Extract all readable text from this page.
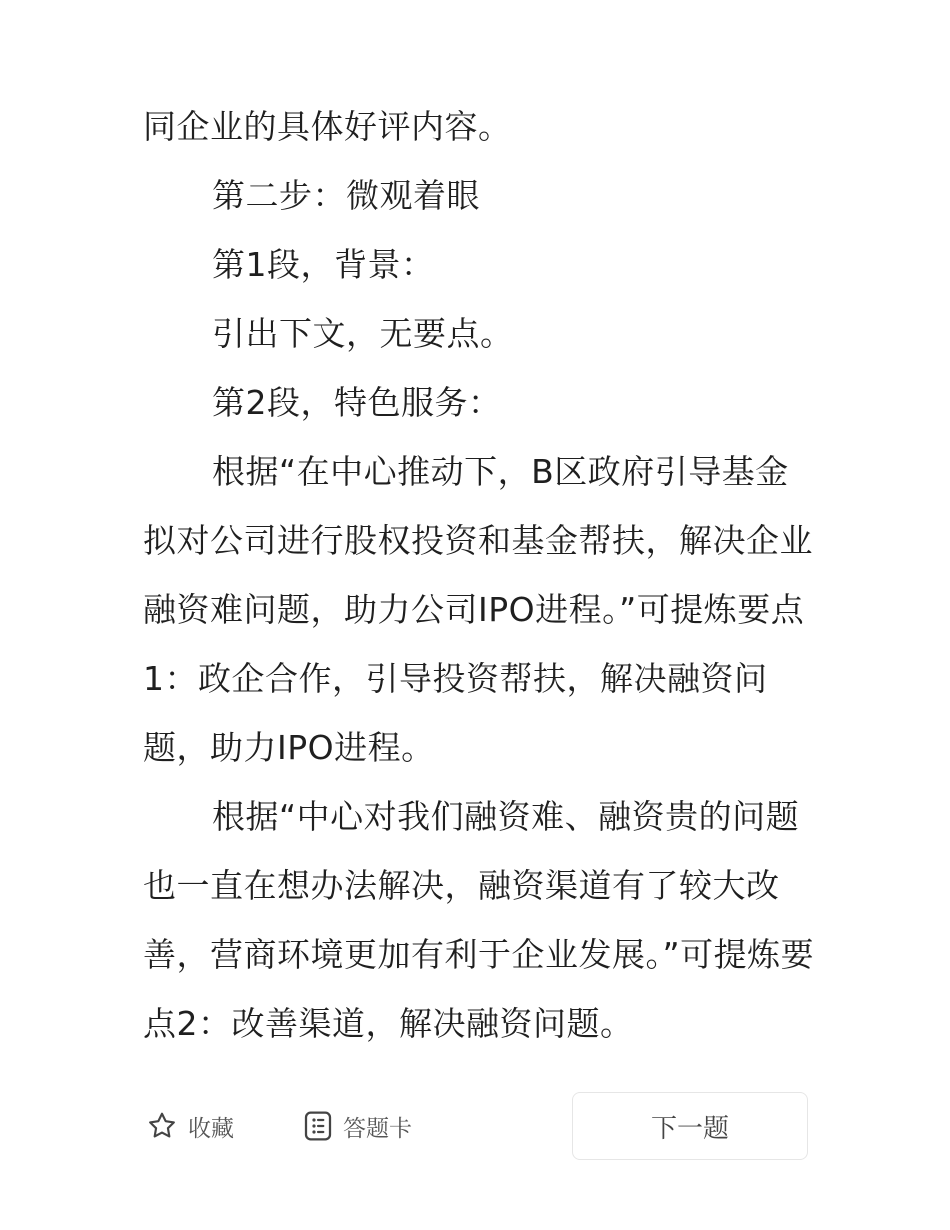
同企业的具体好评内容。

第二步：微观着眼

第1段，背景：

引出下文，无要点。

第2段，特色服务：

根据“在中心推动下，B区政府引导基金拟对公司进行股权投资和基金帮扶，解决企业融资难问题，助力公司IPO进程。”可提炼要点1：政企合作，引导投资帮扶，解决融资问题，助力IPO进程。

根据“中心对我们融资难、融资贵的问题也一直在想办法解决，融资渠道有了较大改善，营商环境更加有利于企业发展。”可提炼要点2：改善渠道，解决融资问题。

收藏	答题卡	下一题
